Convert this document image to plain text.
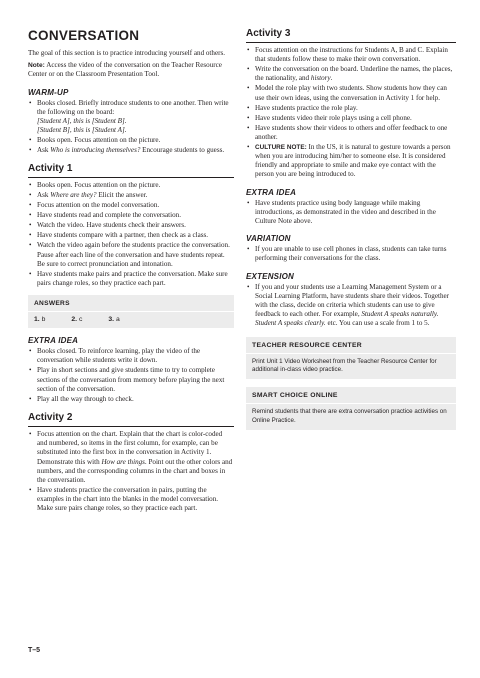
CONVERSATION

The goal of this section is to practice introducing yourself and others.

Note: Access the video of the conversation on the Teacher Resource Center or on the Classroom Presentation Tool.

WARM-UP
• Books closed. Briefly introduce students to one another. Then write the following on the board:
[Student A], this is [Student B].
[Student B], this is [Student A].
• Books open. Focus attention on the picture.
• Ask Who is introducing themselves? Encourage students to guess.
Activity 1
• Books open. Focus attention on the picture.
• Ask Where are they? Elicit the answer.
• Focus attention on the model conversation.
• Have students read and complete the conversation.
• Watch the video. Have students check their answers.
• Have students compare with a partner, then check as a class.
• Watch the video again before the students practice the conversation. Pause after each line of the conversation and have students repeat. Be sure to correct pronunciation and intonation.
• Have students make pairs and practice the conversation. Make sure pairs change roles, so they practice each part.
ANSWERS
1. b	2. c	3. a
EXTRA IDEA
• Books closed. To reinforce learning, play the video of the conversation while students write it down.
• Play in short sections and give students time to try to complete sections of the conversation from memory before playing the next section of the conversation.
• Play all the way through to check.
Activity 2
• Focus attention on the chart. Explain that the chart is color-coded and numbered, so items in the first column, for example, can be substituted into the first box in the conversation in Activity 1. Demonstrate this with How are things. Point out the other colors and numbers, and the corresponding columns in the chart and boxes in the conversation.
• Have students practice the conversation in pairs, putting the examples in the chart into the blanks in the model conversation. Make sure pairs change roles, so they practice each part.
Activity 3
• Focus attention on the instructions for Students A, B and C. Explain that students follow these to make their own conversation.
• Write the conversation on the board. Underline the names, the places, the nationality, and history.
• Model the role play with two students. Show students how they can use their own ideas, using the conversation in Activity 1 for help.
• Have students practice the role play.
• Have students video their role plays using a cell phone.
• Have students show their videos to others and offer feedback to one another.
• CULTURE NOTE: In the US, it is natural to gesture towards a person when you are introducing him/her to someone else. It is considered friendly and appropriate to smile and make eye contact with the person you are being introduced to.
EXTRA IDEA
• Have students practice using body language while making introductions, as demonstrated in the video and described in the Culture Note above.
VARIATION
• If you are unable to use cell phones in class, students can take turns performing their conversations for the class.
EXTENSION
• If you and your students use a Learning Management System or a Social Learning Platform, have students share their videos. Together with the class, decide on criteria which students can use to give feedback to each other. For example, Student A speaks naturally. Student A speaks clearly. etc. You can use a scale from 1 to 5.
TEACHER RESOURCE CENTER
Print Unit 1 Video Worksheet from the Teacher Resource Center for additional in-class video practice.
SMART CHOICE ONLINE
Remind students that there are extra conversation practice activities on Online Practice.
T–5
